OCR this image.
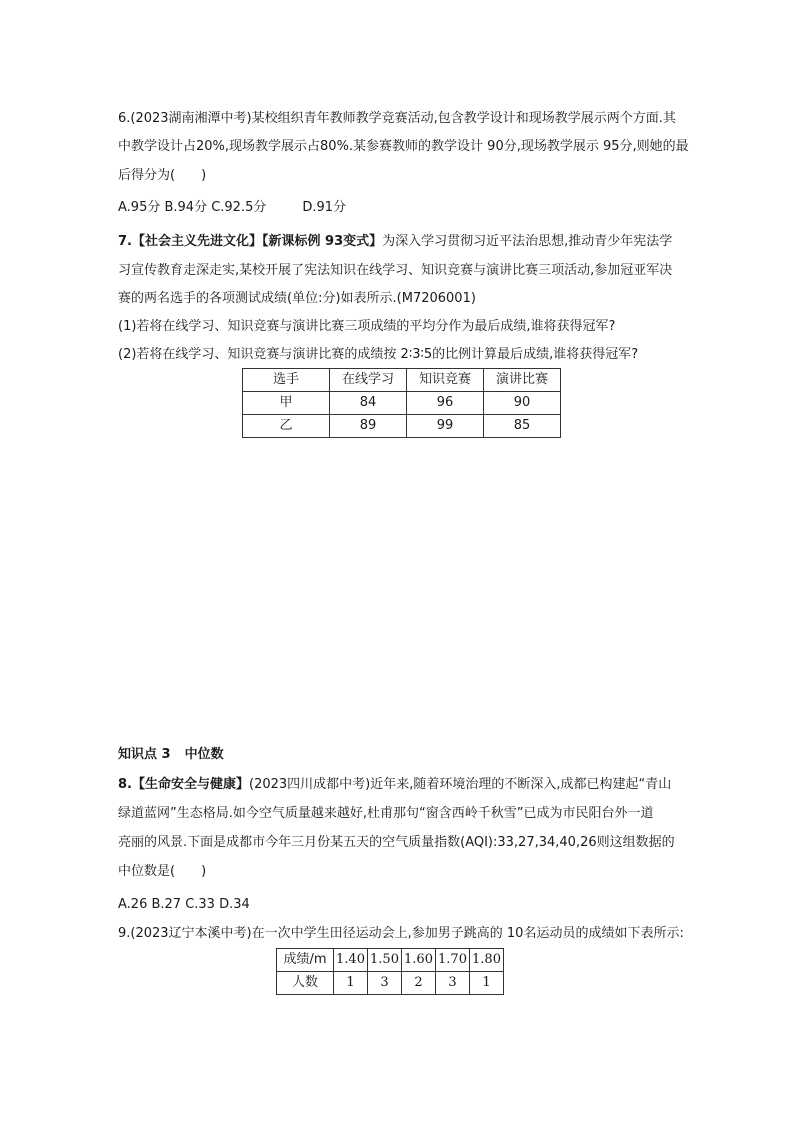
6.(2023湖南湘潭中考)某校组织青年教师教学竞赛活动,包含教学设计和现场教学展示两个方面.其
中教学设计占20%,现场教学展示占80%.某参赛教师的教学设计 90分,现场教学展示 95分,则她的最
后得分为(　　)
A.95分 B.94分 C.92.5分	D.91分
7.【社会主义先进文化】【新课标例 93变式】为深入学习贯彻习近平法治思想,推动青少年宪法学
习宣传教育走深走实,某校开展了宪法知识在线学习、知识竞赛与演讲比赛三项活动,参加冠亚军决
赛的两名选手的各项测试成绩(单位:分)如表所示.(M7206001)
(1)若将在线学习、知识竞赛与演讲比赛三项成绩的平均分作为最后成绩,谁将获得冠军?
选手	在线学习	知识竞赛	演讲比赛
甲	84	96	90
乙	89	99	85
知识点 3 中位数
8.【生命安全与健康】(2023四川成都中考)近年来,随着环境治理的不断深入,成都已构建起“青山
绿道蓝网”生态格局.如今空气质量越来越好,杜甫那句“窗含西岭千秋雪”已成为市民阳台外一道
亮丽的风景.下面是成都市今年三月份某五天的空气质量指数(AQI):33,27,34,40,26则这组数据的
中位数是(　　)
A.26 B.27 C.33 D.34
9.(2023辽宁本溪中考)在一次中学生田径运动会上,参加男子跳高的 10名运动员的成绩如下表所示:
成绩/m	1.40	1.50	1.60	1.70	1.80
人数	1	3	2	3	1
(2)若将在线学习、知识竞赛与演讲比赛的成绩按 2∶3∶5的比例计算最后成绩,谁将获得冠军?
